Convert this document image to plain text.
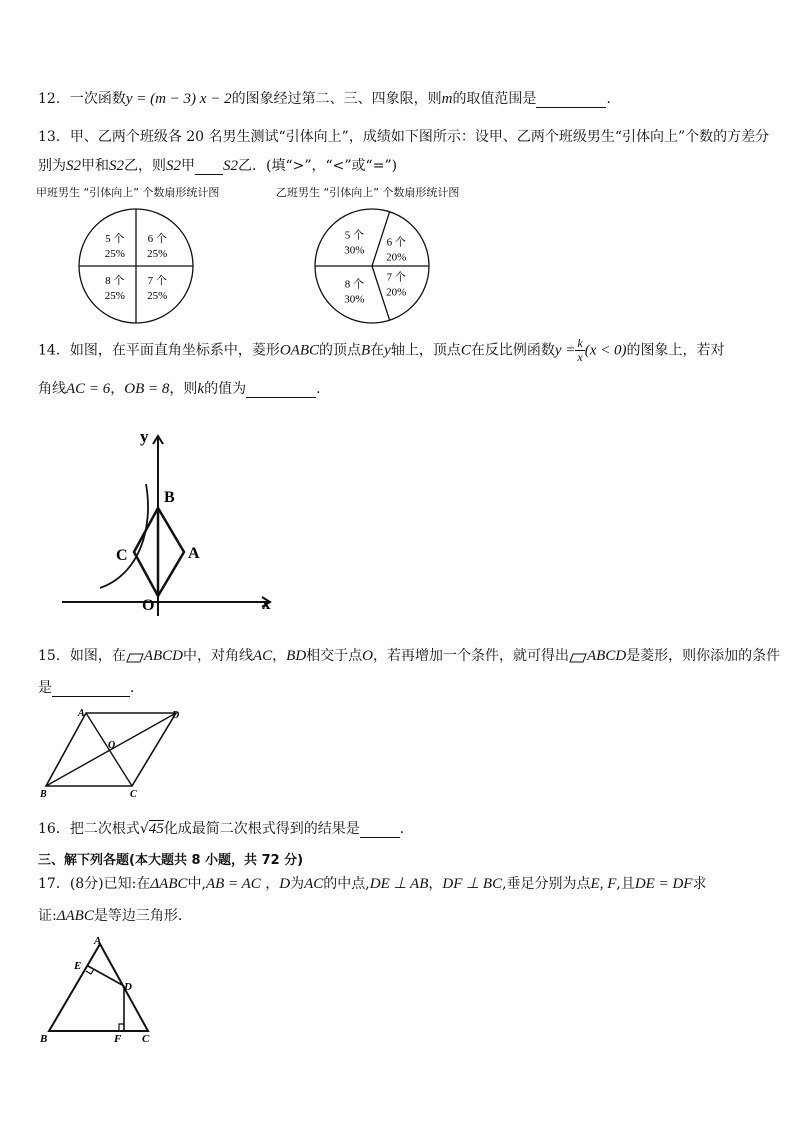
12．一次函数y = (m − 3) x − 2的图象经过第二、三、四象限，则m的取值范围是	．
13．甲、乙两个班级各 20 名男生测试“引体向上”，成绩如下图所示：设甲、乙两个班级男生“引体向上”个数的方差分
别为S2甲和S2乙，则S2甲 S2乙．(填“>”，“<”或“=”)
甲班男生 “引体向上” 个数扇形统计图	乙班男生 “引体向上” 个数扇形统计图
5 个
25%
6 个
25%
7 个
25%
8 个
25%
5 个
30%
6 个
20%
7 个
20%
8 个
30%
14．如图，在平面直角坐标系中，菱形OABC的顶点B在y轴上，顶点C在反比例函数$y = \frac{k}{x} (x < 0)$的图象上，若对
角线AC = 6，OB = 8，则k的值为	.
y
x
B
A
C
O
15．如图，在 ABCD中，对角线AC，BD相交于点O，若再增加一个条件，就可得出 ABCD是菱形，则你添加的条件
是	．
A	D
O
B	C
16．把二次根式√45化成最简二次根式得到的结果是	．
三、解下列各题(本大题共 8 小题，共 72 分)
17．(8分)已知:在ΔABC中,AB = AC ，D为AC的中点,DE ⊥ AB，DF ⊥ BC,垂足分别为点E, F,且DE = DF求
证:ΔABC是等边三角形.
A
E
D
B	F C
